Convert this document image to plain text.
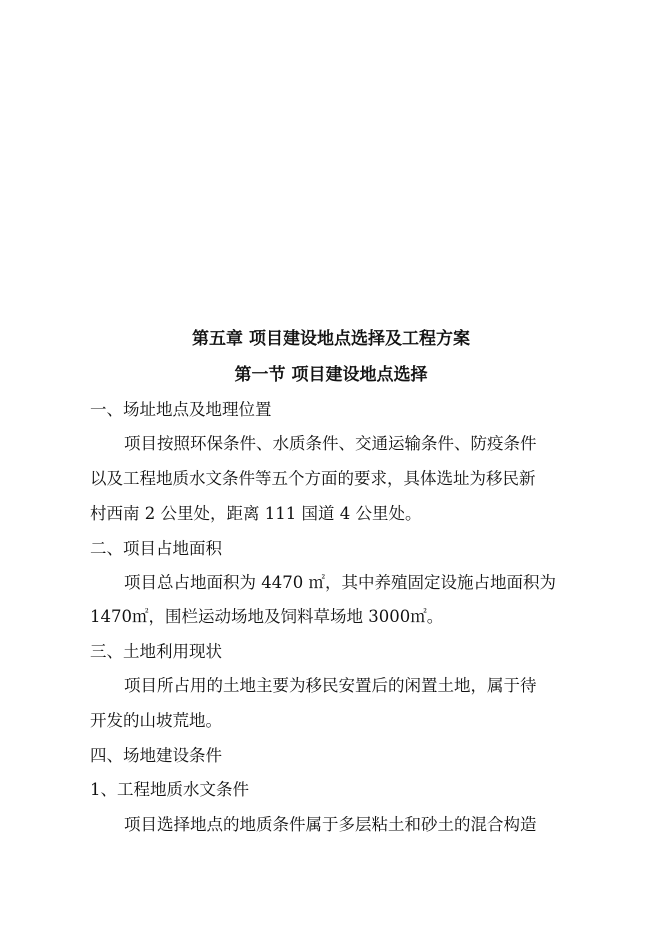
第五章 项目建设地点选择及工程方案
第一节 项目建设地点选择
一、场址地点及地理位置
项目按照环保条件、水质条件、交通运输条件、防疫条件
以及工程地质水文条件等五个方面的要求，具体选址为移民新
村西南 2 公里处，距离 111 国道 4 公里处。
二、项目占地面积
项目总占地面积为 4470 ㎡，其中养殖固定设施占地面积为
1470㎡，围栏运动场地及饲料草场地 3000㎡。
三、土地利用现状
项目所占用的土地主要为移民安置后的闲置土地，属于待
开发的山坡荒地。
四、场地建设条件
1、工程地质水文条件
项目选择地点的地质条件属于多层粘土和砂土的混合构造
